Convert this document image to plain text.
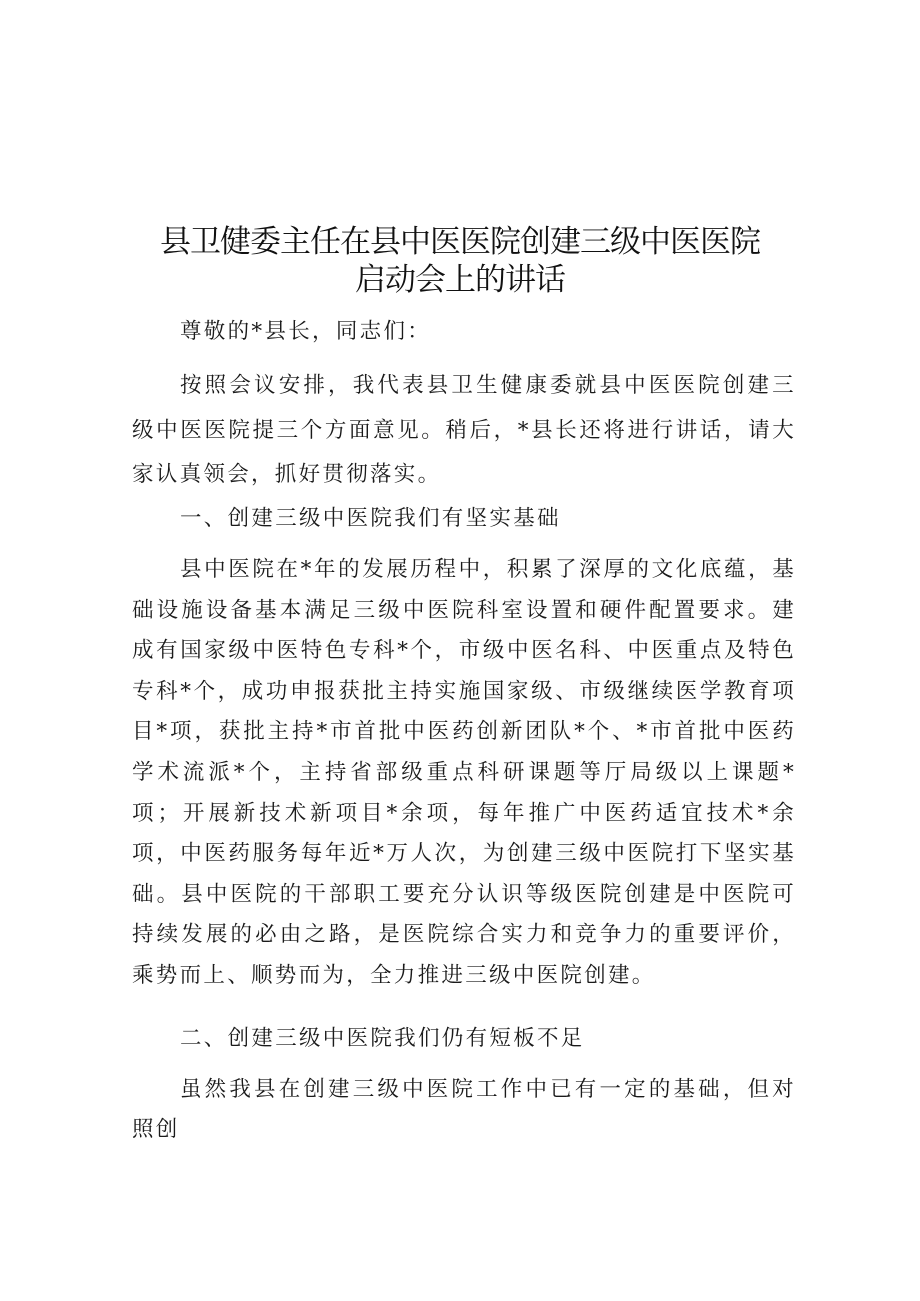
县卫健委主任在县中医医院创建三级中医医院
启动会上的讲话

尊敬的*县长，同志们：

按照会议安排，我代表县卫生健康委就县中医医院创建三级中医医院提三个方面意见。稍后，*县长还将进行讲话，请大家认真领会，抓好贯彻落实。

一、创建三级中医院我们有坚实基础

县中医院在*年的发展历程中，积累了深厚的文化底蕴，基础设施设备基本满足三级中医院科室设置和硬件配置要求。建成有国家级中医特色专科*个，市级中医名科、中医重点及特色专科*个，成功申报获批主持实施国家级、市级继续医学教育项目*项，获批主持*市首批中医药创新团队*个、*市首批中医药学术流派*个，主持省部级重点科研课题等厅局级以上课题*项；开展新技术新项目*余项，每年推广中医药适宜技术*余项，中医药服务每年近*万人次，为创建三级中医院打下坚实基础。县中医院的干部职工要充分认识等级医院创建是中医院可持续发展的必由之路，是医院综合实力和竞争力的重要评价，乘势而上、顺势而为，全力推进三级中医院创建。

二、创建三级中医院我们仍有短板不足

虽然我县在创建三级中医院工作中已有一定的基础，但对照创
